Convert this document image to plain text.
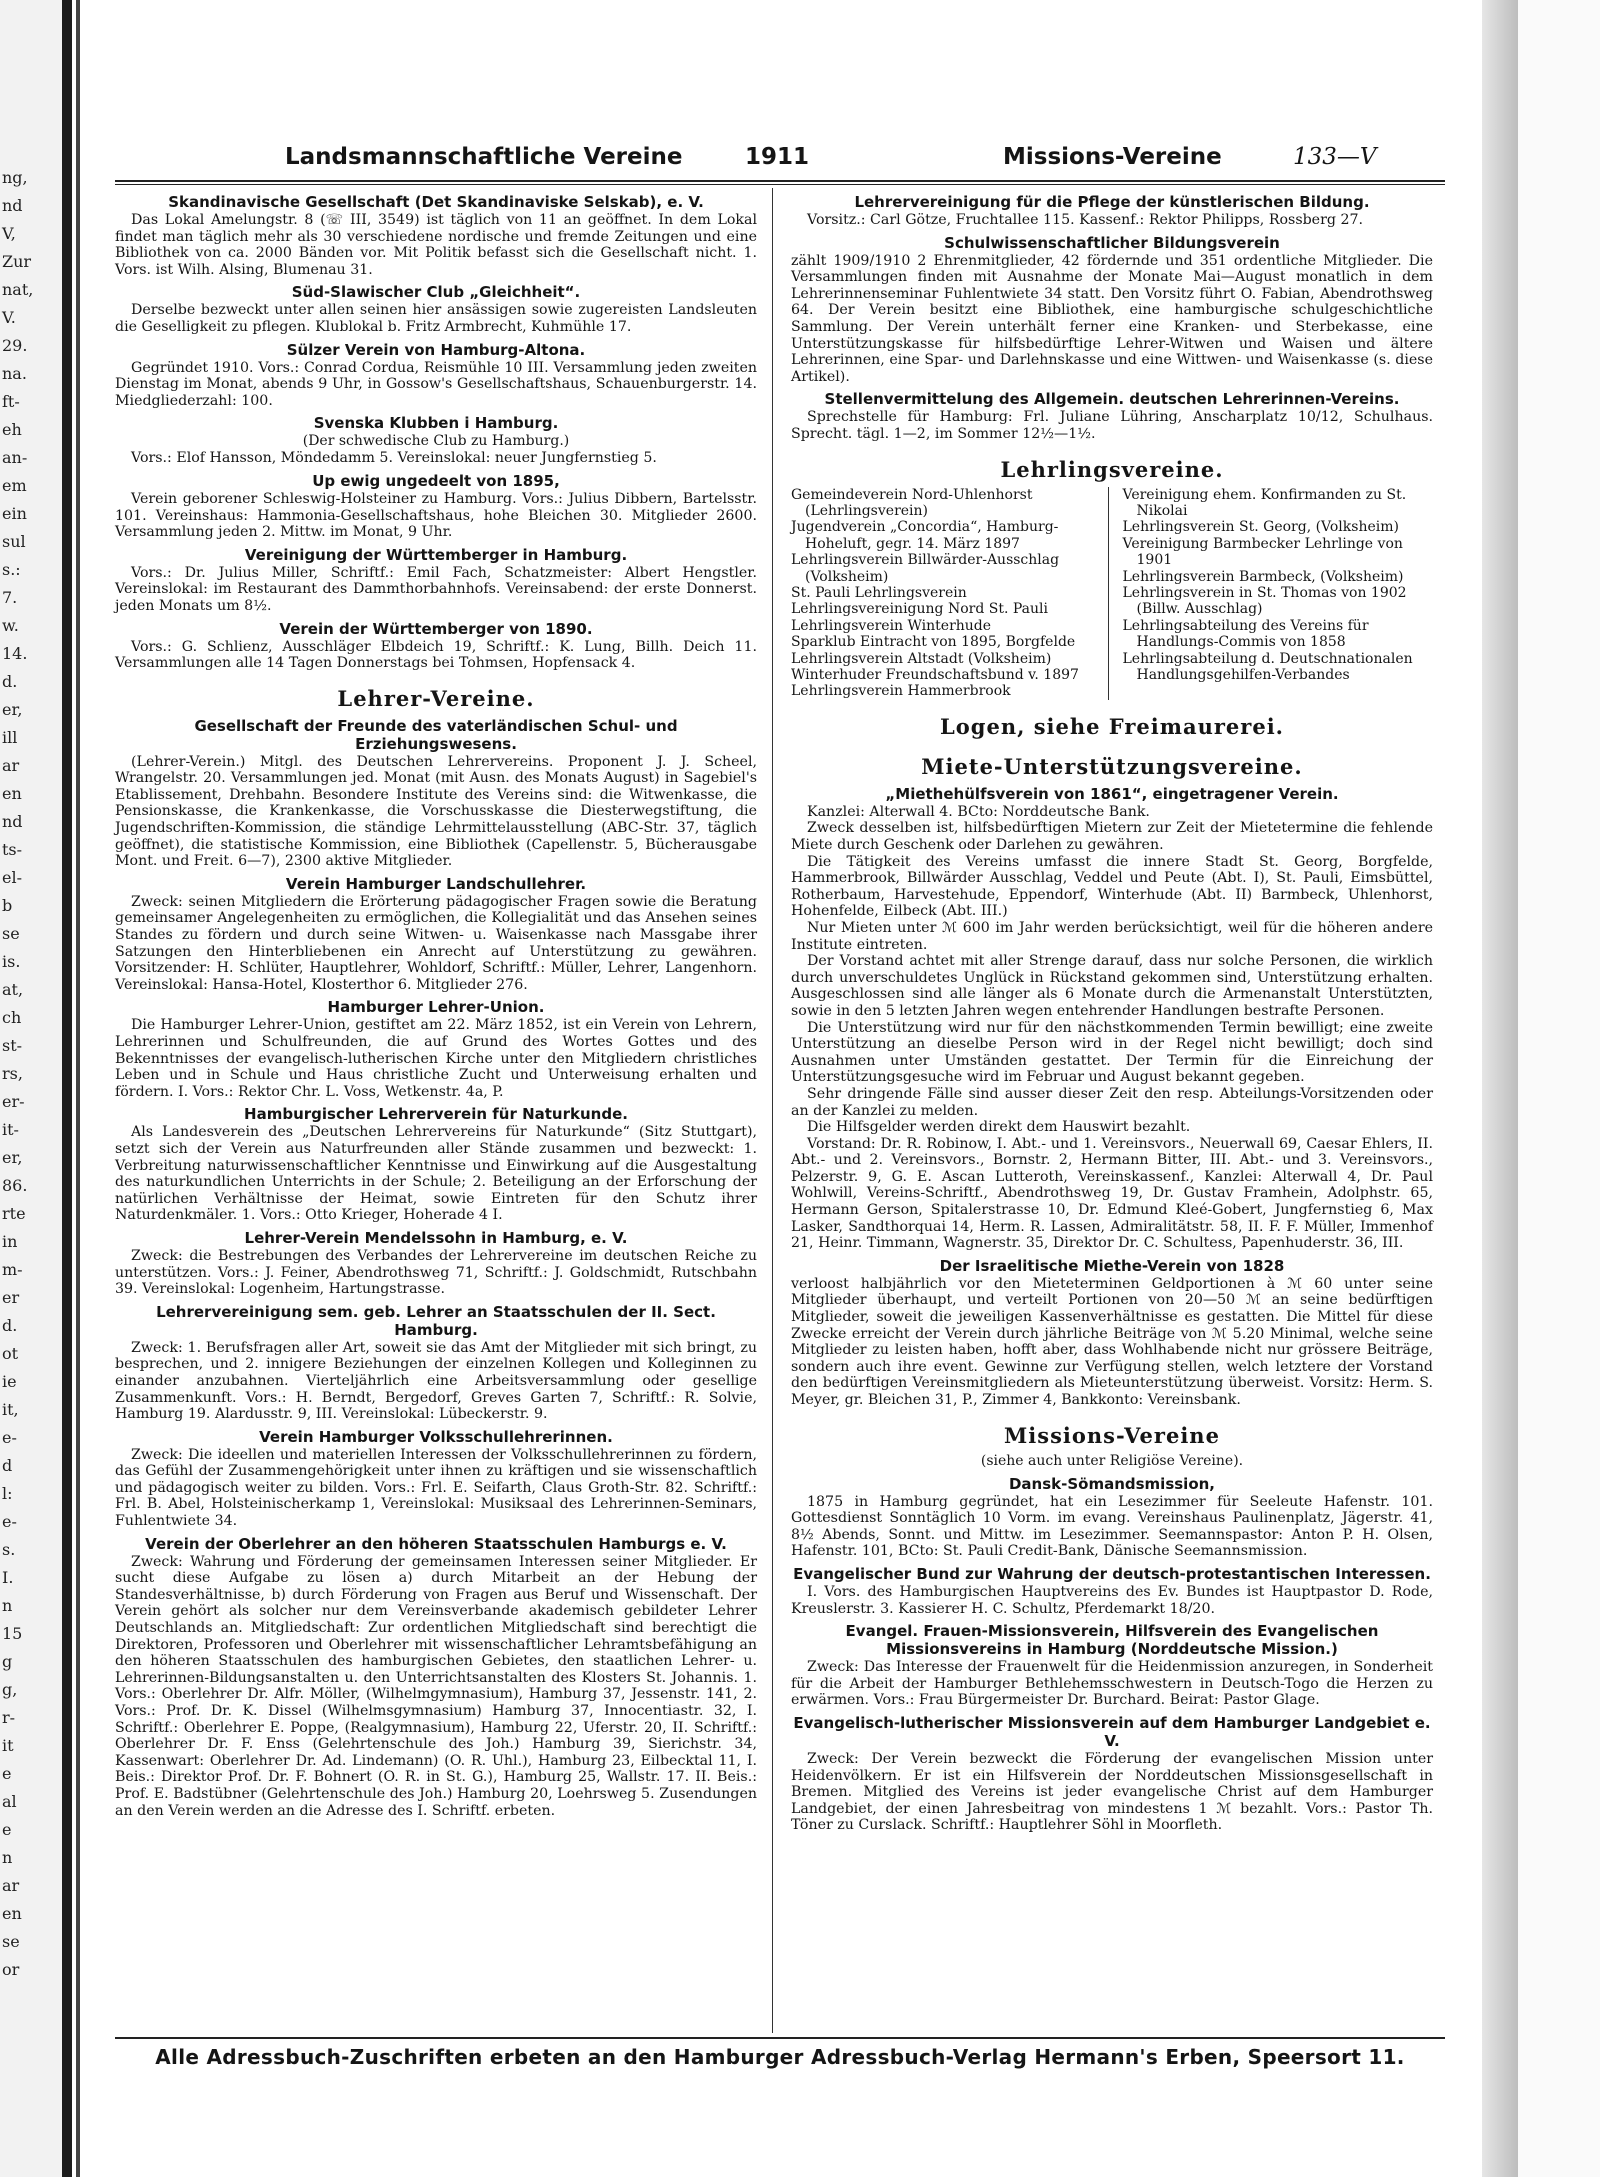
ng,
nd
V,
Zur
nat,
V.
29.
na.
ft-
eh
an-
em
ein
sul
s.:
7.
w.
14.
d.
er,
ill
ar
en
nd
ts-
el-
b
se
is.
at,
ch
st-
rs,
er-
it-
er,
86.
rte
in
m-
er
d.
ot
ie
it,
e-
d
l:
e-
s.
I.
n
15
g
g,
r-
it
e
al
e
n
ar
en
se
or
Landsmannschaftliche Vereine	1911	Missions-Vereine	133—V
Skandinavische Gesellschaft (Det Skandinaviske Selskab), e. V.

Das Lokal Amelungstr. 8 (☏ III, 3549) ist täglich von 11 an geöffnet. In dem Lokal findet man täglich mehr als 30 verschiedene nordische und fremde Zeitungen und eine Bibliothek von ca. 2000 Bänden vor. Mit Politik befasst sich die Gesellschaft nicht. 1. Vors. ist Wilh. Alsing, Blumenau 31.

Süd-Slawischer Club „Gleichheit“.

Derselbe bezweckt unter allen seinen hier ansässigen sowie zugereisten Landsleuten die Geselligkeit zu pflegen. Klublokal b. Fritz Armbrecht, Kuhmühle 17.

Sülzer Verein von Hamburg-Altona.

Gegründet 1910. Vors.: Conrad Cordua, Reismühle 10 III. Versammlung jeden zweiten Dienstag im Monat, abends 9 Uhr, in Gossow's Gesellschaftshaus, Schauenburgerstr. 14. Miedgliederzahl: 100.

Svenska Klubben i Hamburg.
(Der schwedische Club zu Hamburg.)

Vors.: Elof Hansson, Möndedamm 5. Vereinslokal: neuer Jungfernstieg 5.

Up ewig ungedeelt von 1895,

Verein geborener Schleswig-Holsteiner zu Hamburg. Vors.: Julius Dibbern, Bartelsstr. 101. Vereinshaus: Hammonia-Gesellschaftshaus, hohe Bleichen 30. Mitglieder 2600. Versammlung jeden 2. Mittw. im Monat, 9 Uhr.

Vereinigung der Württemberger in Hamburg.

Vors.: Dr. Julius Miller, Schriftf.: Emil Fach, Schatzmeister: Albert Hengstler. Vereinslokal: im Restaurant des Dammthorbahnhofs. Vereinsabend: der erste Donnerst. jeden Monats um 8½.

Verein der Württemberger von 1890.

Vors.: G. Schlienz, Ausschläger Elbdeich 19, Schriftf.: K. Lung, Billh. Deich 11. Versammlungen alle 14 Tagen Donnerstags bei Tohmsen, Hopfensack 4.

Lehrer-Vereine.
Gesellschaft der Freunde des vaterländischen Schul- und Erziehungswesens.

(Lehrer-Verein.) Mitgl. des Deutschen Lehrervereins. Proponent J. J. Scheel, Wrangelstr. 20. Versammlungen jed. Monat (mit Ausn. des Monats August) in Sagebiel's Etablissement, Drehbahn. Besondere Institute des Vereins sind: die Witwenkasse, die Pensionskasse, die Krankenkasse, die Vorschusskasse die Diesterwegstiftung, die Jugendschriften-Kommission, die ständige Lehrmittelausstellung (ABC-Str. 37, täglich geöffnet), die statistische Kommission, eine Bibliothek (Capellenstr. 5, Bücherausgabe Mont. und Freit. 6—7), 2300 aktive Mitglieder.

Verein Hamburger Landschullehrer.

Zweck: seinen Mitgliedern die Erörterung pädagogischer Fragen sowie die Beratung gemeinsamer Angelegenheiten zu ermöglichen, die Kollegialität und das Ansehen seines Standes zu fördern und durch seine Witwen- u. Waisenkasse nach Massgabe ihrer Satzungen den Hinterbliebenen ein Anrecht auf Unterstützung zu gewähren. Vorsitzender: H. Schlüter, Hauptlehrer, Wohldorf, Schriftf.: Müller, Lehrer, Langenhorn. Vereinslokal: Hansa-Hotel, Klosterthor 6. Mitglieder 276.

Hamburger Lehrer-Union.

Die Hamburger Lehrer-Union, gestiftet am 22. März 1852, ist ein Verein von Lehrern, Lehrerinnen und Schulfreunden, die auf Grund des Wortes Gottes und des Bekenntnisses der evangelisch-lutherischen Kirche unter den Mitgliedern christliches Leben und in Schule und Haus christliche Zucht und Unterweisung erhalten und fördern. I. Vors.: Rektor Chr. L. Voss, Wetkenstr. 4a, P.

Hamburgischer Lehrerverein für Naturkunde.

Als Landesverein des „Deutschen Lehrervereins für Naturkunde“ (Sitz Stuttgart), setzt sich der Verein aus Naturfreunden aller Stände zusammen und bezweckt: 1. Verbreitung naturwissenschaftlicher Kenntnisse und Einwirkung auf die Ausgestaltung des naturkundlichen Unterrichts in der Schule; 2. Beteiligung an der Erforschung der natürlichen Verhältnisse der Heimat, sowie Eintreten für den Schutz ihrer Naturdenkmäler. 1. Vors.: Otto Krieger, Hoherade 4 I.

Lehrer-Verein Mendelssohn in Hamburg, e. V.

Zweck: die Bestrebungen des Verbandes der Lehrervereine im deutschen Reiche zu unterstützen. Vors.: J. Feiner, Abendrothsweg 71, Schriftf.: J. Goldschmidt, Rutschbahn 39. Vereinslokal: Logenheim, Hartungstrasse.

Lehrervereinigung sem. geb. Lehrer an Staatsschulen der II. Sect. Hamburg.

Zweck: 1. Berufsfragen aller Art, soweit sie das Amt der Mitglieder mit sich bringt, zu besprechen, und 2. innigere Beziehungen der einzelnen Kollegen und Kolleginnen zu einander anzubahnen. Vierteljährlich eine Arbeitsversammlung oder gesellige Zusammenkunft. Vors.: H. Berndt, Bergedorf, Greves Garten 7, Schriftf.: R. Solvie, Hamburg 19. Alardusstr. 9, III. Vereinslokal: Lübeckerstr. 9.

Verein Hamburger Volksschullehrerinnen.

Zweck: Die ideellen und materiellen Interessen der Volksschullehrerinnen zu fördern, das Gefühl der Zusammengehörigkeit unter ihnen zu kräftigen und sie wissenschaftlich und pädagogisch weiter zu bilden. Vors.: Frl. E. Seifarth, Claus Groth-Str. 82. Schriftf.: Frl. B. Abel, Holsteinischerkamp 1, Vereinslokal: Musiksaal des Lehrerinnen-Seminars, Fuhlentwiete 34.

Verein der Oberlehrer an den höheren Staatsschulen Hamburgs e. V.

Zweck: Wahrung und Förderung der gemeinsamen Interessen seiner Mitglieder. Er sucht diese Aufgabe zu lösen a) durch Mitarbeit an der Hebung der Standesverhältnisse, b) durch Förderung von Fragen aus Beruf und Wissenschaft. Der Verein gehört als solcher nur dem Vereinsverbande akademisch gebildeter Lehrer Deutschlands an. Mitgliedschaft: Zur ordentlichen Mitgliedschaft sind berechtigt die Direktoren, Professoren und Oberlehrer mit wissenschaftlicher Lehramtsbefähigung an den höheren Staatsschulen des hamburgischen Gebietes, den staatlichen Lehrer- u. Lehrerinnen-Bildungsanstalten u. den Unterrichtsanstalten des Klosters St. Johannis. 1. Vors.: Oberlehrer Dr. Alfr. Möller, (Wilhelmgymnasium), Hamburg 37, Jessenstr. 141, 2. Vors.: Prof. Dr. K. Dissel (Wilhelmsgymnasium) Hamburg 37, Innocentiastr. 32, I. Schriftf.: Oberlehrer E. Poppe, (Realgymnasium), Hamburg 22, Uferstr. 20, II. Schriftf.: Oberlehrer Dr. F. Enss (Gelehrtenschule des Joh.) Hamburg 39, Sierichstr. 34, Kassenwart: Oberlehrer Dr. Ad. Lindemann) (O. R. Uhl.), Hamburg 23, Eilbecktal 11, I. Beis.: Direktor Prof. Dr. F. Bohnert (O. R. in St. G.), Hamburg 25, Wallstr. 17. II. Beis.: Prof. E. Badstübner (Gelehrtenschule des Joh.) Hamburg 20, Loehrsweg 5. Zusendungen an den Verein werden an die Adresse des I. Schriftf. erbeten.

Lehrervereinigung für die Pflege der künstlerischen Bildung.

Vorsitz.: Carl Götze, Fruchtallee 115. Kassenf.: Rektor Philipps, Rossberg 27.

Schulwissenschaftlicher Bildungsverein

zählt 1909/1910 2 Ehrenmitglieder, 42 fördernde und 351 ordentliche Mitglieder. Die Versammlungen finden mit Ausnahme der Monate Mai—August monatlich in dem Lehrerinnenseminar Fuhlentwiete 34 statt. Den Vorsitz führt O. Fabian, Abendrothsweg 64. Der Verein besitzt eine Bibliothek, eine hamburgische schulgeschichtliche Sammlung. Der Verein unterhält ferner eine Kranken- und Sterbekasse, eine Unterstützungskasse für hilfsbedürftige Lehrer-Witwen und Waisen und ältere Lehrerinnen, eine Spar- und Darlehnskasse und eine Wittwen- und Waisenkasse (s. diese Artikel).

Stellenvermittelung des Allgemein. deutschen Lehrerinnen-Vereins.

Sprechstelle für Hamburg: Frl. Juliane Lühring, Anscharplatz 10/12, Schulhaus. Sprecht. tägl. 1—2, im Sommer 12½—1½.

Lehrlingsvereine.
Gemeindeverein Nord-Uhlenhorst (Lehrlingsverein)
Jugendverein „Concordia“, Hamburg-Hoheluft, gegr. 14. März 1897
Lehrlingsverein Billwärder-Ausschlag (Volksheim)
St. Pauli Lehrlingsverein
Lehrlingsvereinigung Nord St. Pauli
Lehrlingsverein Winterhude
Sparklub Eintracht von 1895, Borgfelde
Lehrlingsverein Altstadt (Volksheim)
Winterhuder Freundschaftsbund v. 1897
Lehrlingsverein Hammerbrook
Vereinigung ehem. Konfirmanden zu St. Nikolai
Lehrlingsverein St. Georg, (Volksheim)
Vereinigung Barmbecker Lehrlinge von 1901
Lehrlingsverein Barmbeck, (Volksheim)
Lehrlingsverein in St. Thomas von 1902 (Billw. Ausschlag)
Lehrlingsabteilung des Vereins für Handlungs-Commis von 1858
Lehrlingsabteilung d. Deutschnationalen Handlungsgehilfen-Verbandes
Logen, siehe Freimaurerei.
Miete-Unterstützungsvereine.
„Miethehülfsverein von 1861“, eingetragener Verein.

Kanzlei: Alterwall 4. BCto: Norddeutsche Bank.

Zweck desselben ist, hilfsbedürftigen Mietern zur Zeit der Mietetermine die fehlende Miete durch Geschenk oder Darlehen zu gewähren.

Die Tätigkeit des Vereins umfasst die innere Stadt St. Georg, Borgfelde, Hammerbrook, Billwärder Ausschlag, Veddel und Peute (Abt. I), St. Pauli, Eimsbüttel, Rotherbaum, Harvestehude, Eppendorf, Winterhude (Abt. II) Barmbeck, Uhlenhorst, Hohenfelde, Eilbeck (Abt. III.)

Nur Mieten unter ℳ 600 im Jahr werden berücksichtigt, weil für die höheren andere Institute eintreten.

Der Vorstand achtet mit aller Strenge darauf, dass nur solche Personen, die wirklich durch unverschuldetes Unglück in Rückstand gekommen sind, Unterstützung erhalten. Ausgeschlossen sind alle länger als 6 Monate durch die Armenanstalt Unterstützten, sowie in den 5 letzten Jahren wegen entehrender Handlungen bestrafte Personen.

Die Unterstützung wird nur für den nächstkommenden Termin bewilligt; eine zweite Unterstützung an dieselbe Person wird in der Regel nicht bewilligt; doch sind Ausnahmen unter Umständen gestattet. Der Termin für die Einreichung der Unterstützungsgesuche wird im Februar und August bekannt gegeben.

Sehr dringende Fälle sind ausser dieser Zeit den resp. Abteilungs-Vorsitzenden oder an der Kanzlei zu melden.

Die Hilfsgelder werden direkt dem Hauswirt bezahlt.

Vorstand: Dr. R. Robinow, I. Abt.- und 1. Vereinsvors., Neuerwall 69, Caesar Ehlers, II. Abt.- und 2. Vereinsvors., Bornstr. 2, Hermann Bitter, III. Abt.- und 3. Vereinsvors., Pelzerstr. 9, G. E. Ascan Lutteroth, Vereinskassenf., Kanzlei: Alterwall 4, Dr. Paul Wohlwill, Vereins-Schriftf., Abendrothsweg 19, Dr. Gustav Framhein, Adolphstr. 65, Hermann Gerson, Spitalerstrasse 10, Dr. Edmund Kleé-Gobert, Jungfernstieg 6, Max Lasker, Sandthorquai 14, Herm. R. Lassen, Admiralitätstr. 58, II. F. F. Müller, Immenhof 21, Heinr. Timmann, Wagnerstr. 35, Direktor Dr. C. Schultess, Papenhuderstr. 36, III.

Der Israelitische Miethe-Verein von 1828

verloost halbjährlich vor den Mieteterminen Geldportionen à ℳ 60 unter seine Mitglieder überhaupt, und verteilt Portionen von 20—50 ℳ an seine bedürftigen Mitglieder, soweit die jeweiligen Kassenverhältnisse es gestatten. Die Mittel für diese Zwecke erreicht der Verein durch jährliche Beiträge von ℳ 5.20 Minimal, welche seine Mitglieder zu leisten haben, hofft aber, dass Wohlhabende nicht nur grössere Beiträge, sondern auch ihre event. Gewinne zur Verfügung stellen, welch letztere der Vorstand den bedürftigen Vereinsmitgliedern als Mieteunterstützung überweist. Vorsitz: Herm. S. Meyer, gr. Bleichen 31, P., Zimmer 4, Bankkonto: Vereinsbank.

Missions-Vereine
(siehe auch unter Religiöse Vereine).
Dansk-Sömandsmission,

1875 in Hamburg gegründet, hat ein Lesezimmer für Seeleute Hafenstr. 101. Gottesdienst Sonntäglich 10 Vorm. im evang. Vereinshaus Paulinenplatz, Jägerstr. 41, 8½ Abends, Sonnt. und Mittw. im Lesezimmer. Seemannspastor: Anton P. H. Olsen, Hafenstr. 101, BCto: St. Pauli Credit-Bank, Dänische Seemannsmission.

Evangelischer Bund zur Wahrung der deutsch-protestantischen Interessen.

I. Vors. des Hamburgischen Hauptvereins des Ev. Bundes ist Hauptpastor D. Rode, Kreuslerstr. 3. Kassierer H. C. Schultz, Pferdemarkt 18/20.

Evangel. Frauen-Missionsverein, Hilfsverein des Evangelischen Missionsvereins in Hamburg (Norddeutsche Mission.)

Zweck: Das Interesse der Frauenwelt für die Heidenmission anzuregen, in Sonderheit für die Arbeit der Hamburger Bethlehemsschwestern in Deutsch-Togo die Herzen zu erwärmen. Vors.: Frau Bürgermeister Dr. Burchard. Beirat: Pastor Glage.

Evangelisch-lutherischer Missionsverein auf dem Hamburger Landgebiet e. V.

Zweck: Der Verein bezweckt die Förderung der evangelischen Mission unter Heidenvölkern. Er ist ein Hilfsverein der Norddeutschen Missionsgesellschaft in Bremen. Mitglied des Vereins ist jeder evangelische Christ auf dem Hamburger Landgebiet, der einen Jahresbeitrag von mindestens 1 ℳ bezahlt. Vors.: Pastor Th. Töner zu Curslack. Schriftf.: Hauptlehrer Söhl in Moorfleth.

Alle Adressbuch-Zuschriften erbeten an den Hamburger Adressbuch-Verlag Hermann's Erben, Speersort 11.
